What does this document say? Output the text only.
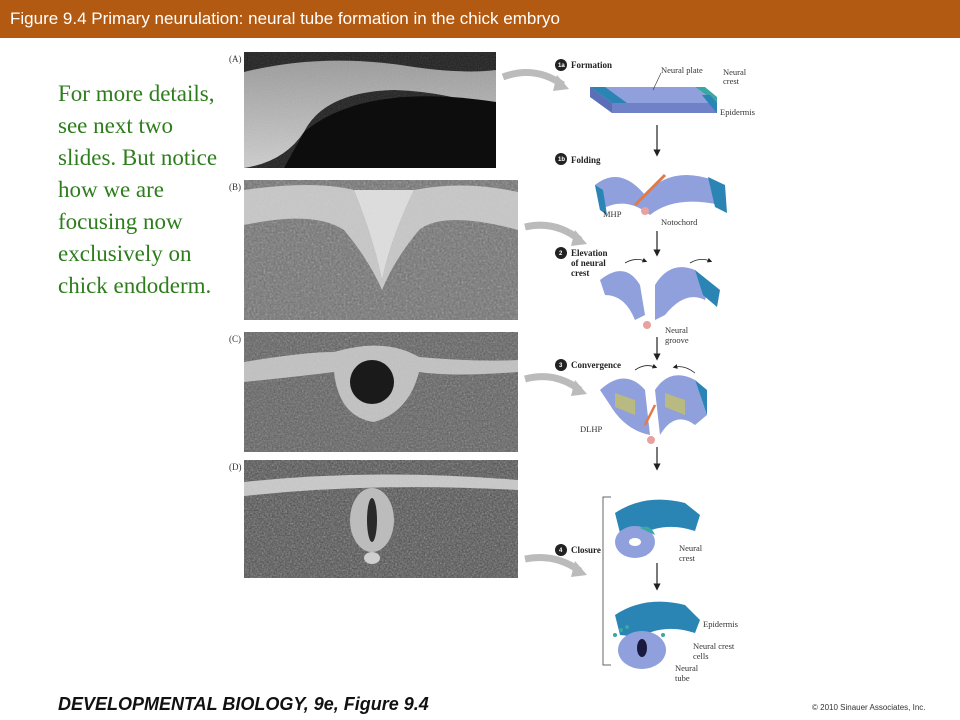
Figure 9.4 Primary neurulation: neural tube formation in the chick embryo
For more details, see next two slides. But notice how we are focusing now exclusively on chick endoderm.
(A)
(B)
(C)
(D)
1a Formation	Neural plate Neural
crest
Epidermis
1b Folding
MHP
Notochord
2 Elevation
of neural
crest
Neural
groove
3 Convergence
DLHP
4 Closure	Neural
crest
Epidermis
Neural crest
cells
Neural
tube
DEVELOPMENTAL BIOLOGY, 9e, Figure 9.4	© 2010 Sinauer Associates, Inc.
